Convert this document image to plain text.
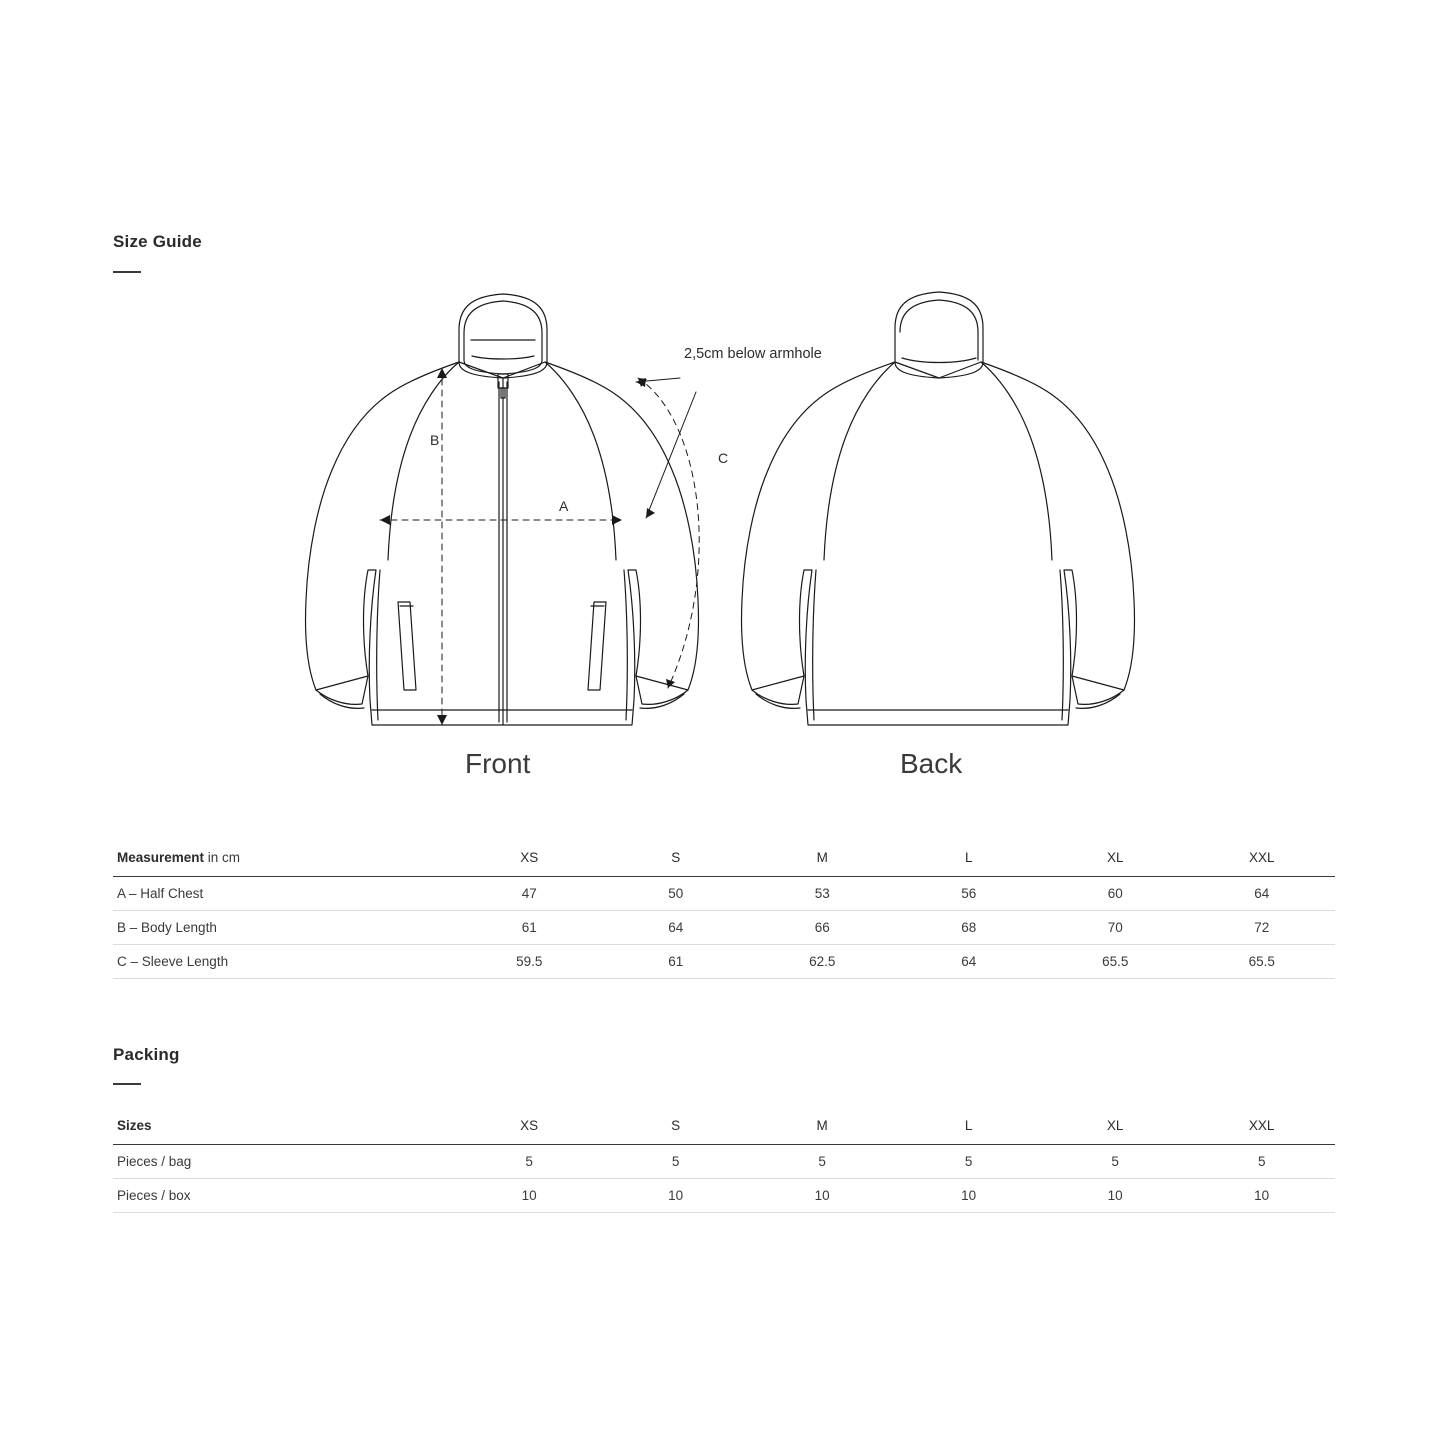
Size Guide
Front	Back
2,5cm below armhole
A
B
C
Measurement in cm	XS	S	M	L	XL	XXL
A – Half Chest	47	50	53	56	60	64
B – Body Length	61	64	66	68	70	72
C – Sleeve Length	59.5	61	62.5	64	65.5	65.5
Packing
Sizes	XS	S	M	L	XL	XXL
Pieces / bag	5	5	5	5	5	5
Pieces / box	10	10	10	10	10	10
